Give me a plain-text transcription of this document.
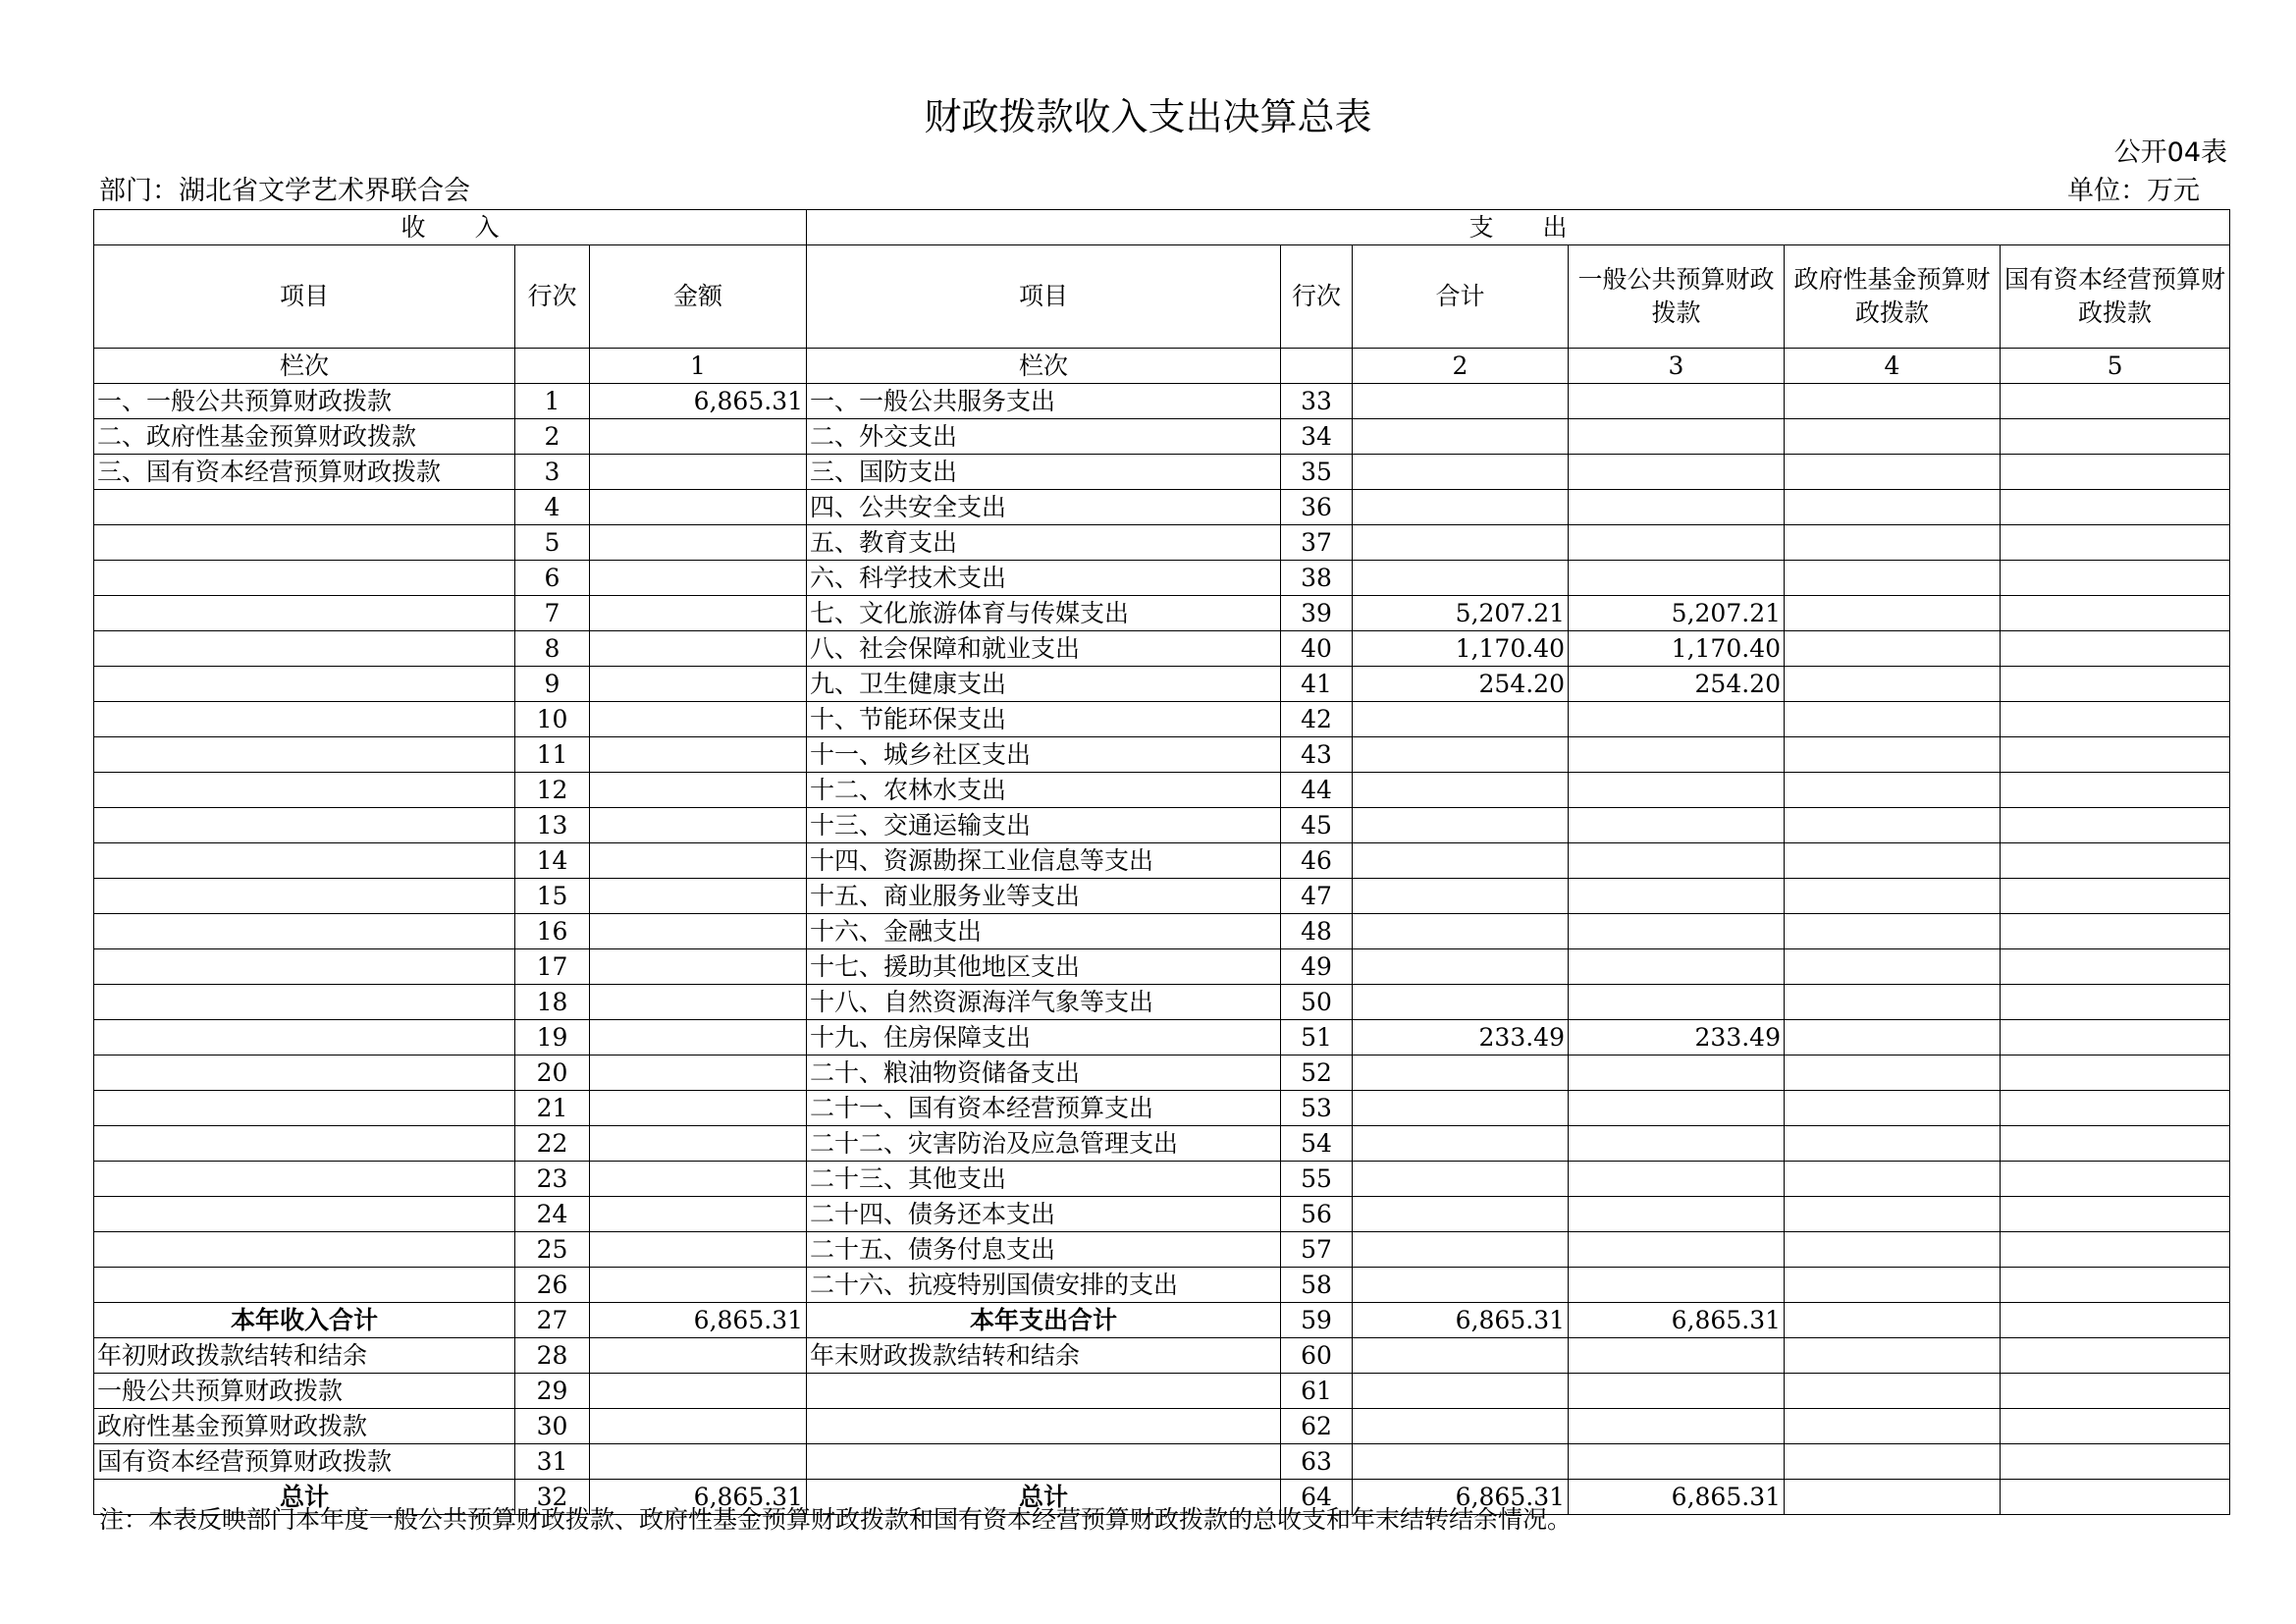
财政拨款收入支出决算总表
公开04表
部门：湖北省文学艺术界联合会	单位：万元
收　　入			支　　出					
项目	行次	金额	项目	行次	合计	一般公共预算财政拨款	政府性基金预算财政拨款	国有资本经营预算财政拨款
栏次		1	栏次		2	3	4	5
一、一般公共预算财政拨款	1	6,865.31	一、一般公共服务支出	33				
二、政府性基金预算财政拨款	2		二、外交支出	34				
三、国有资本经营预算财政拨款	3		三、国防支出	35				
	4		四、公共安全支出	36				
	5		五、教育支出	37				
	6		六、科学技术支出	38				
	7		七、文化旅游体育与传媒支出	39	5,207.21	5,207.21		
	8		八、社会保障和就业支出	40	1,170.40	1,170.40		
	9		九、卫生健康支出	41	254.20	254.20		
	10		十、节能环保支出	42				
	11		十一、城乡社区支出	43				
	12		十二、农林水支出	44				
	13		十三、交通运输支出	45				
	14		十四、资源勘探工业信息等支出	46				
	15		十五、商业服务业等支出	47				
	16		十六、金融支出	48				
	17		十七、援助其他地区支出	49				
	18		十八、自然资源海洋气象等支出	50				
	19		十九、住房保障支出	51	233.49	233.49		
	20		二十、粮油物资储备支出	52				
	21		二十一、国有资本经营预算支出	53				
	22		二十二、灾害防治及应急管理支出	54				
	23		二十三、其他支出	55				
	24		二十四、债务还本支出	56				
	25		二十五、债务付息支出	57				
	26		二十六、抗疫特别国债安排的支出	58				
本年收入合计	27	6,865.31	本年支出合计	59	6,865.31	6,865.31		
年初财政拨款结转和结余	28		年末财政拨款结转和结余	60				
一般公共预算财政拨款	29			61				
政府性基金预算财政拨款	30			62				
国有资本经营预算财政拨款	31			63				
总计	32	6,865.31	总计	64	6,865.31	6,865.31		
注：本表反映部门本年度一般公共预算财政拨款、政府性基金预算财政拨款和国有资本经营预算财政拨款的总收支和年末结转结余情况。
